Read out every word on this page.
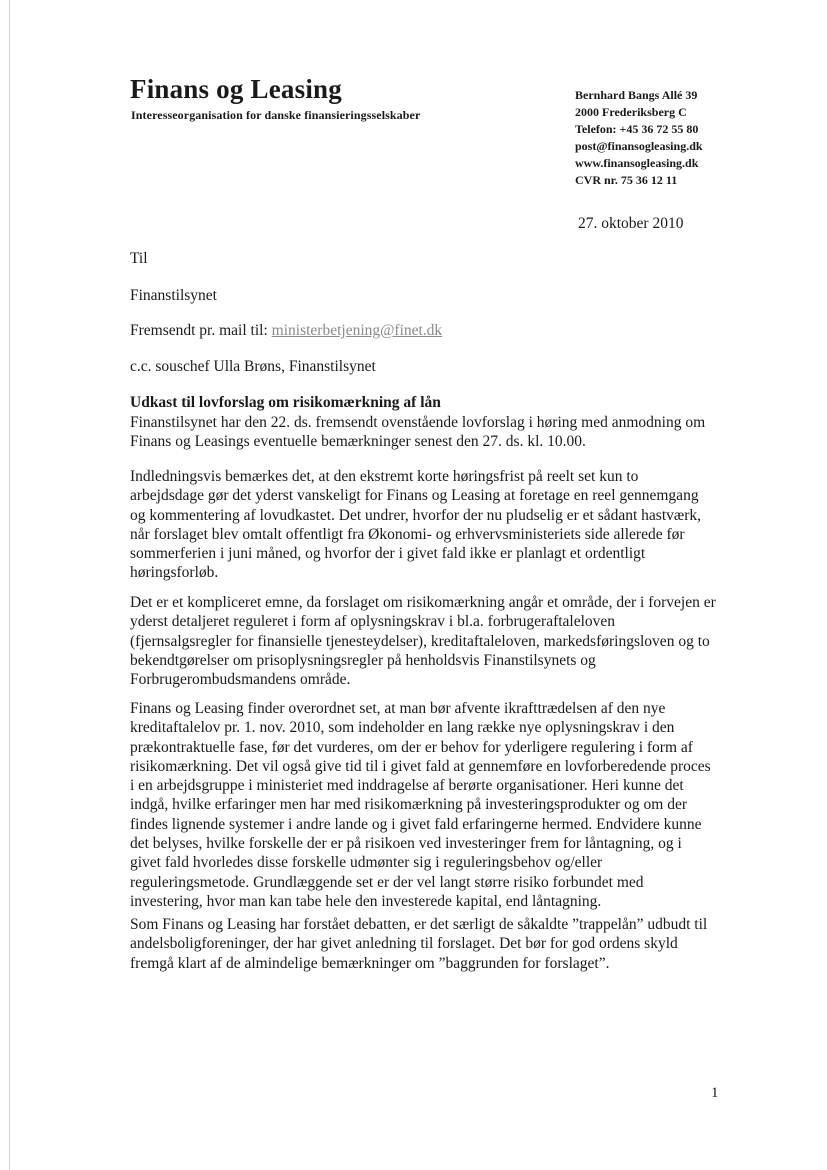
Finans og Leasing
Interesseorganisation for danske finansieringsselskaber
Bernhard Bangs Allé 39
2000 Frederiksberg C
Telefon: +45 36 72 55 80
post@finansogleasing.dk
www.finansogleasing.dk
CVR nr. 75 36 12 11
27. oktober 2010
Til
Finanstilsynet
Fremsendt pr. mail til: ministerbetjening@finet.dk
c.c. souschef Ulla Brøns, Finanstilsynet
Udkast til lovforslag om risikomærkning af lån
Finanstilsynet har den 22. ds. fremsendt ovenstående lovforslag i høring med anmodning om
Finans og Leasings eventuelle bemærkninger senest den 27. ds. kl. 10.00.
Indledningsvis bemærkes det, at den ekstremt korte høringsfrist på reelt set kun to
arbejdsdage gør det yderst vanskeligt for Finans og Leasing at foretage en reel gennemgang
og kommentering af lovudkastet. Det undrer, hvorfor der nu pludselig er et sådant hastværk,
når forslaget blev omtalt offentligt fra Økonomi- og erhvervsministeriets side allerede før
sommerferien i juni måned, og hvorfor der i givet fald ikke er planlagt et ordentligt
høringsforløb.
Det er et kompliceret emne, da forslaget om risikomærkning angår et område, der i forvejen er
yderst detaljeret reguleret i form af oplysningskrav i bl.a. forbrugeraftaleloven
(fjernsalgsregler for finansielle tjenesteydelser), kreditaftaleloven, markedsføringsloven og to
bekendtgørelser om prisoplysningsregler på henholdsvis Finanstilsynets og
Forbrugerombudsmandens område.
Finans og Leasing finder overordnet set, at man bør afvente ikrafttrædelsen af den nye
kreditaftalelov pr. 1. nov. 2010, som indeholder en lang række nye oplysningskrav i den
prækontraktuelle fase, før det vurderes, om der er behov for yderligere regulering i form af
risikomærkning. Det vil også give tid til i givet fald at gennemføre en lovforberedende proces
i en arbejdsgruppe i ministeriet med inddragelse af berørte organisationer. Heri kunne det
indgå, hvilke erfaringer men har med risikomærkning på investeringsprodukter og om der
findes lignende systemer i andre lande og i givet fald erfaringerne hermed. Endvidere kunne
det belyses, hvilke forskelle der er på risikoen ved investeringer frem for låntagning, og i
givet fald hvorledes disse forskelle udmønter sig i reguleringsbehov og/eller
reguleringsmetode. Grundlæggende set er der vel langt større risiko forbundet med
investering, hvor man kan tabe hele den investerede kapital, end låntagning.
Som Finans og Leasing har forstået debatten, er det særligt de såkaldte ”trappelån” udbudt til
andelsboligforeninger, der har givet anledning til forslaget. Det bør for god ordens skyld
fremgå klart af de almindelige bemærkninger om ”baggrunden for forslaget”.
1
